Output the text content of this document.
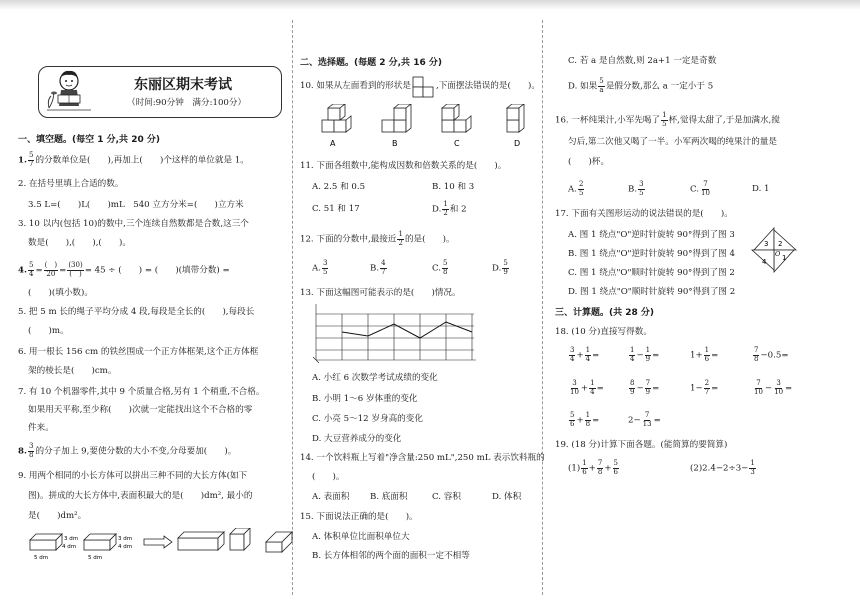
东丽区期末考试
（时间:90分钟　满分:100分）
一、填空题。(每空 1 分,共 20 分)
1. $\frac{5}{7}$ 的分数单位是(　　),再加上(　　)个这样的单位就是 1。
2. 在括号里填上合适的数。
3.5 L=(　　)L(　　)mL　540 立方分米=(　　)立方米
3. 10 以内(包括 10)的数中,三个连续自然数都是合数,这三个
数是(　　),(　　),(　　)。
4. $\frac{5}{4} = \frac{( )}{20} = \frac{(30)}{( )} = 45$ ÷ (　　) = (　　)(填带分数) =
(　　)(填小数)。
5. 把 5 m 长的绳子平均分成 4 段,每段是全长的(　　),每段长
(　　)m。
6. 用一根长 156 cm 的铁丝围成一个正方体框架,这个正方体框
架的棱长是(　　)cm。
7. 有 10 个机器零件,其中 9 个质量合格,另有 1 个稍重,不合格。
如果用天平称,至少称(　　)次就一定能找出这个不合格的零
件来。
8. $\frac{3}{8}$ 的分子加上 9,要使分数的大小不变,分母要加(　　)。
9. 用两个相同的小长方体可以拼出三种不同的大长方体(如下
图)。拼成的大长方体中,表面积最大的是(　　)dm², 最小的
是(　　)dm²。
3 dm
4 dm
5 dm
3 dm
4 dm
5 dm
二、选择题。(每题 2 分,共 16 分)
10. 如果从左面看到的形状是	,下面摆法错误的是(　　)。
A	B	C	D
11. 下面各组数中,能构成因数和倍数关系的是(　　)。
A. 2.5 和 0.5	B. 10 和 3
C. 51 和 17	D. $\frac{1}{2}$ 和 2
12. 下面的分数中,最接近 $\frac{1}{2}$ 的是(　　)。
A. $\frac{3}{5}$	B. $\frac{4}{7}$	C. $\frac{5}{8}$	D. $\frac{5}{9}$
13. 下面这幅图可能表示的是(　　)情况。
A. 小红 6 次数学考试成绩的变化
B. 小明 1～6 岁体重的变化
C. 小亮 5～12 岁身高的变化
D. 大豆营养成分的变化
14. 一个饮料瓶上写着"净含量:250 mL",250 mL 表示饮料瓶的
(　　)。
A. 表面积 B. 底面积	C. 容积	D. 体积
15. 下面说法正确的是(　　)。
A. 体积单位比面积单位大
B. 长方体相邻的两个面的面积一定不相等
C. 若 a 是自然数,则 2a+1 一定是奇数
D. 如果 $\frac{5}{a}$ 是假分数,那么 a 一定小于 5
16. 一杯纯果汁,小军先喝了 $\frac{1}{5}$ 杯,觉得太甜了,于是加满水,搅
匀后,第二次他又喝了一半。小军两次喝的纯果汁的量是
(　　)杯。
A. $\frac{2}{5}$	B. $\frac{3}{5}$	C. $\frac{7}{10}$	D. 1
17. 下面有关图形运动的说法错误的是(　　)。
A. 图 1 绕点"O"逆时针旋转 90°得到了图 3
B. 图 1 绕点"O"逆时针旋转 90°得到了图 4
C. 图 1 绕点"O"顺时针旋转 90°得到了图 2
D. 图 1 绕点"O"顺时针旋转 90°得到了图 2
3 2
4 1
O
三、计算题。(共 28 分)
18. (10 分)直接写得数。
$\frac{3}{4} + \frac{1}{4}$ =	$\frac{1}{4} - \frac{1}{9}$ =	$1+ \frac{1}{6}$ =	$\frac{7}{8} -0.5=$
$\frac{3}{10} + \frac{1}{4}$ =	$\frac{8}{9} - \frac{7}{9}$ =	$1- \frac{2}{7}$ =	$\frac{7}{10} - \frac{3}{10}$ =
$\frac{5}{6} + \frac{1}{8}$ =	$2- \frac{7}{13}$ =
19. (18 分)计算下面各题。(能简算的要简算)
$(1) \frac{1}{6} + \frac{7}{8} + \frac{5}{6}$	$(2)2.4-2\div 3- \frac{1}{3}$
